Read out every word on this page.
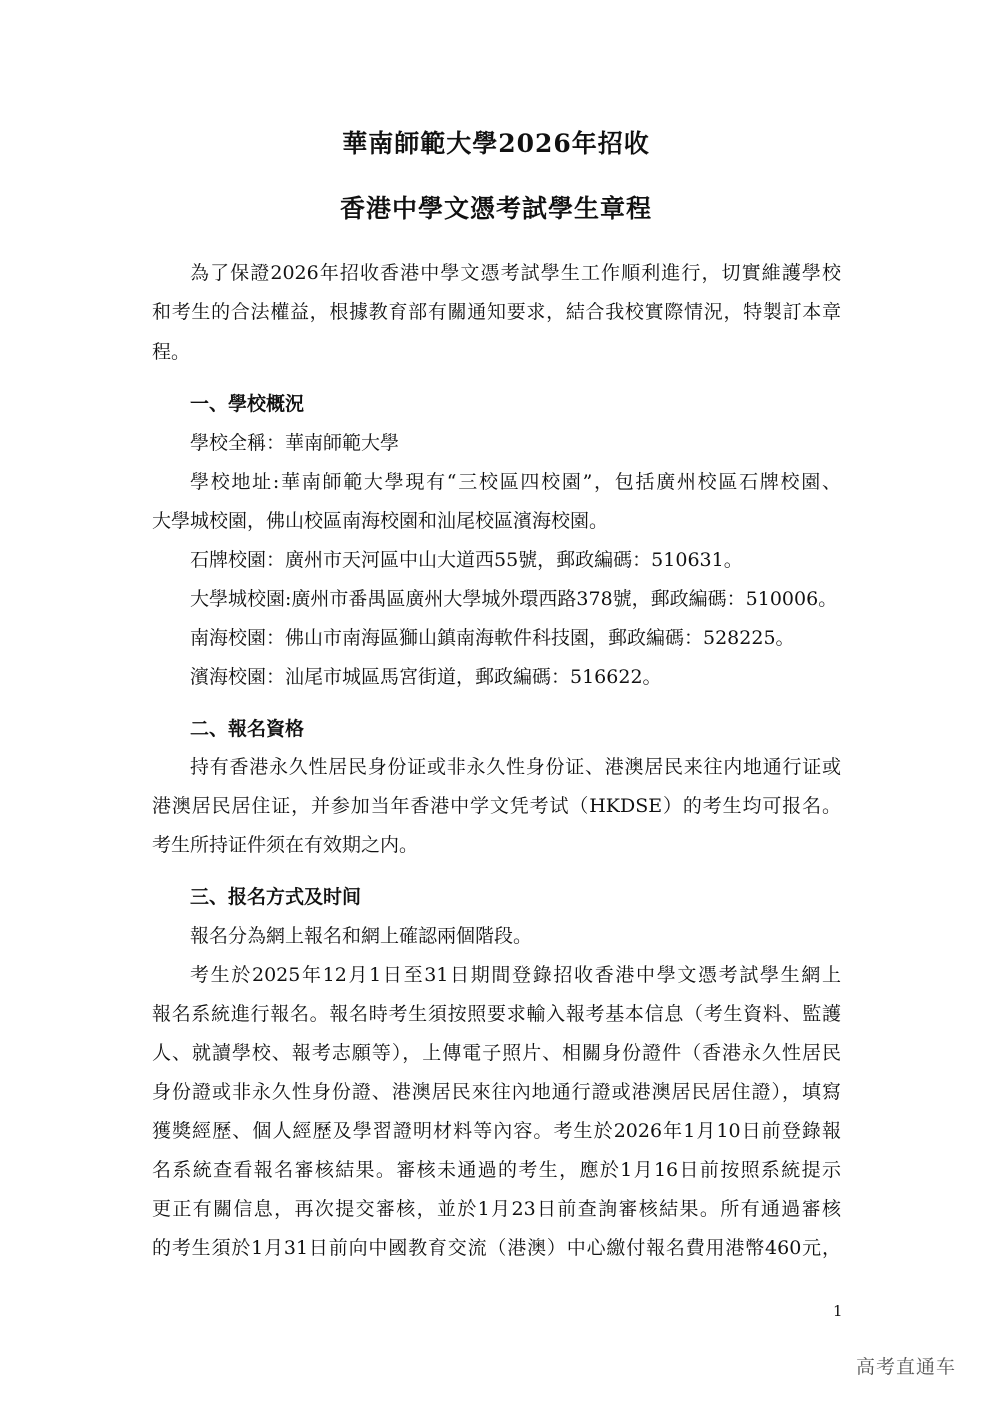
華南師範大學2026年招收
香港中學文憑考試學生章程
為了保證2026年招收香港中學文憑考試學生工作順利進行，切實維護學校
和考生的合法權益，根據教育部有關通知要求，結合我校實際情況，特製訂本章
程。
一、學校概況
學校全稱：華南師範大學
學校地址:華南師範大學現有“三校區四校園”，包括廣州校區石牌校園、
大學城校園，佛山校區南海校園和汕尾校區濱海校園。
石牌校園：廣州市天河區中山大道西55號，郵政編碼：510631。
大學城校園:廣州市番禺區廣州大學城外環西路378號，郵政編碼：510006。
南海校園：佛山市南海區獅山鎮南海軟件科技園，郵政編碼：528225。
濱海校園：汕尾市城區馬宮街道，郵政編碼：516622。
二、報名資格
持有香港永久性居民身份证或非永久性身份证、港澳居民来往内地通行证或
港澳居民居住证，并参加当年香港中学文凭考试（HKDSE）的考生均可报名。
考生所持证件须在有效期之内。
三、报名方式及时间
報名分為網上報名和網上確認兩個階段。
考生於2025年12月1日至31日期間登錄招收香港中學文憑考試學生網上
報名系統進行報名。報名時考生須按照要求輸入報考基本信息（考生資料、監護
人、就讀學校、報考志願等），上傳電子照片、相關身份證件（香港永久性居民
身份證或非永久性身份證、港澳居民來往內地通行證或港澳居民居住證），填寫
獲獎經歷、個人經歷及學習證明材料等內容。考生於2026年1月10日前登錄報
名系統查看報名審核結果。審核未通過的考生，應於1月16日前按照系統提示
更正有關信息，再次提交審核，並於1月23日前查詢審核結果。所有通過審核
的考生須於1月31日前向中國教育交流（港澳）中心繳付報名費用港幣460元，
1
高考直通车
